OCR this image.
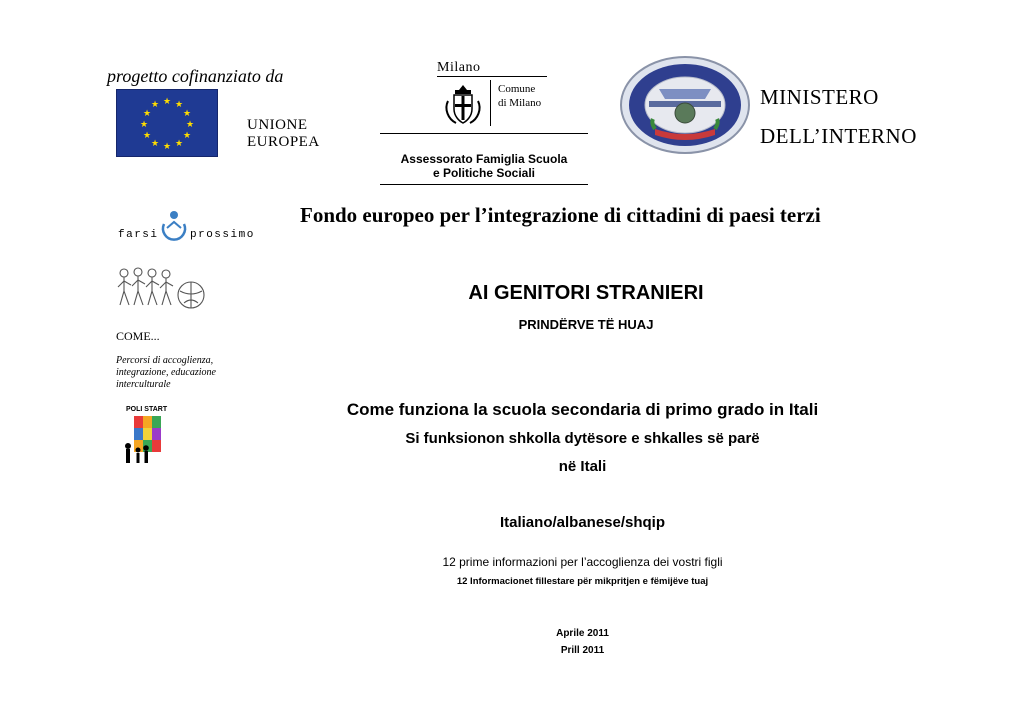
progetto cofinanziato da
★ ★
★
★
★
★
★
★
★
★
★
★
UNIONE
EUROPEA
Milano
Comune
di Milano
Assessorato Famiglia Scuola
e Politiche Sociali
MINISTERO
DELL’INTERNO
farsi	prossimo
COME...
Percorsi di accoglienza, integrazione, educazione interculturale
POLI START
Fondo europeo per l’integrazione di cittadini di paesi terzi
AI GENITORI STRANIERI
PRINDËRVE TË HUAJ
Come funziona la scuola secondaria di primo grado in Itali
Si funksionon shkolla dytësore e shkalles së parë
në Itali
Italiano/albanese/shqip
12 prime informazioni per l’accoglienza dei vostri figli
12 Informacionet fillestare për mikpritjen e fëmijëve tuaj
Aprile 2011
Prill 2011
